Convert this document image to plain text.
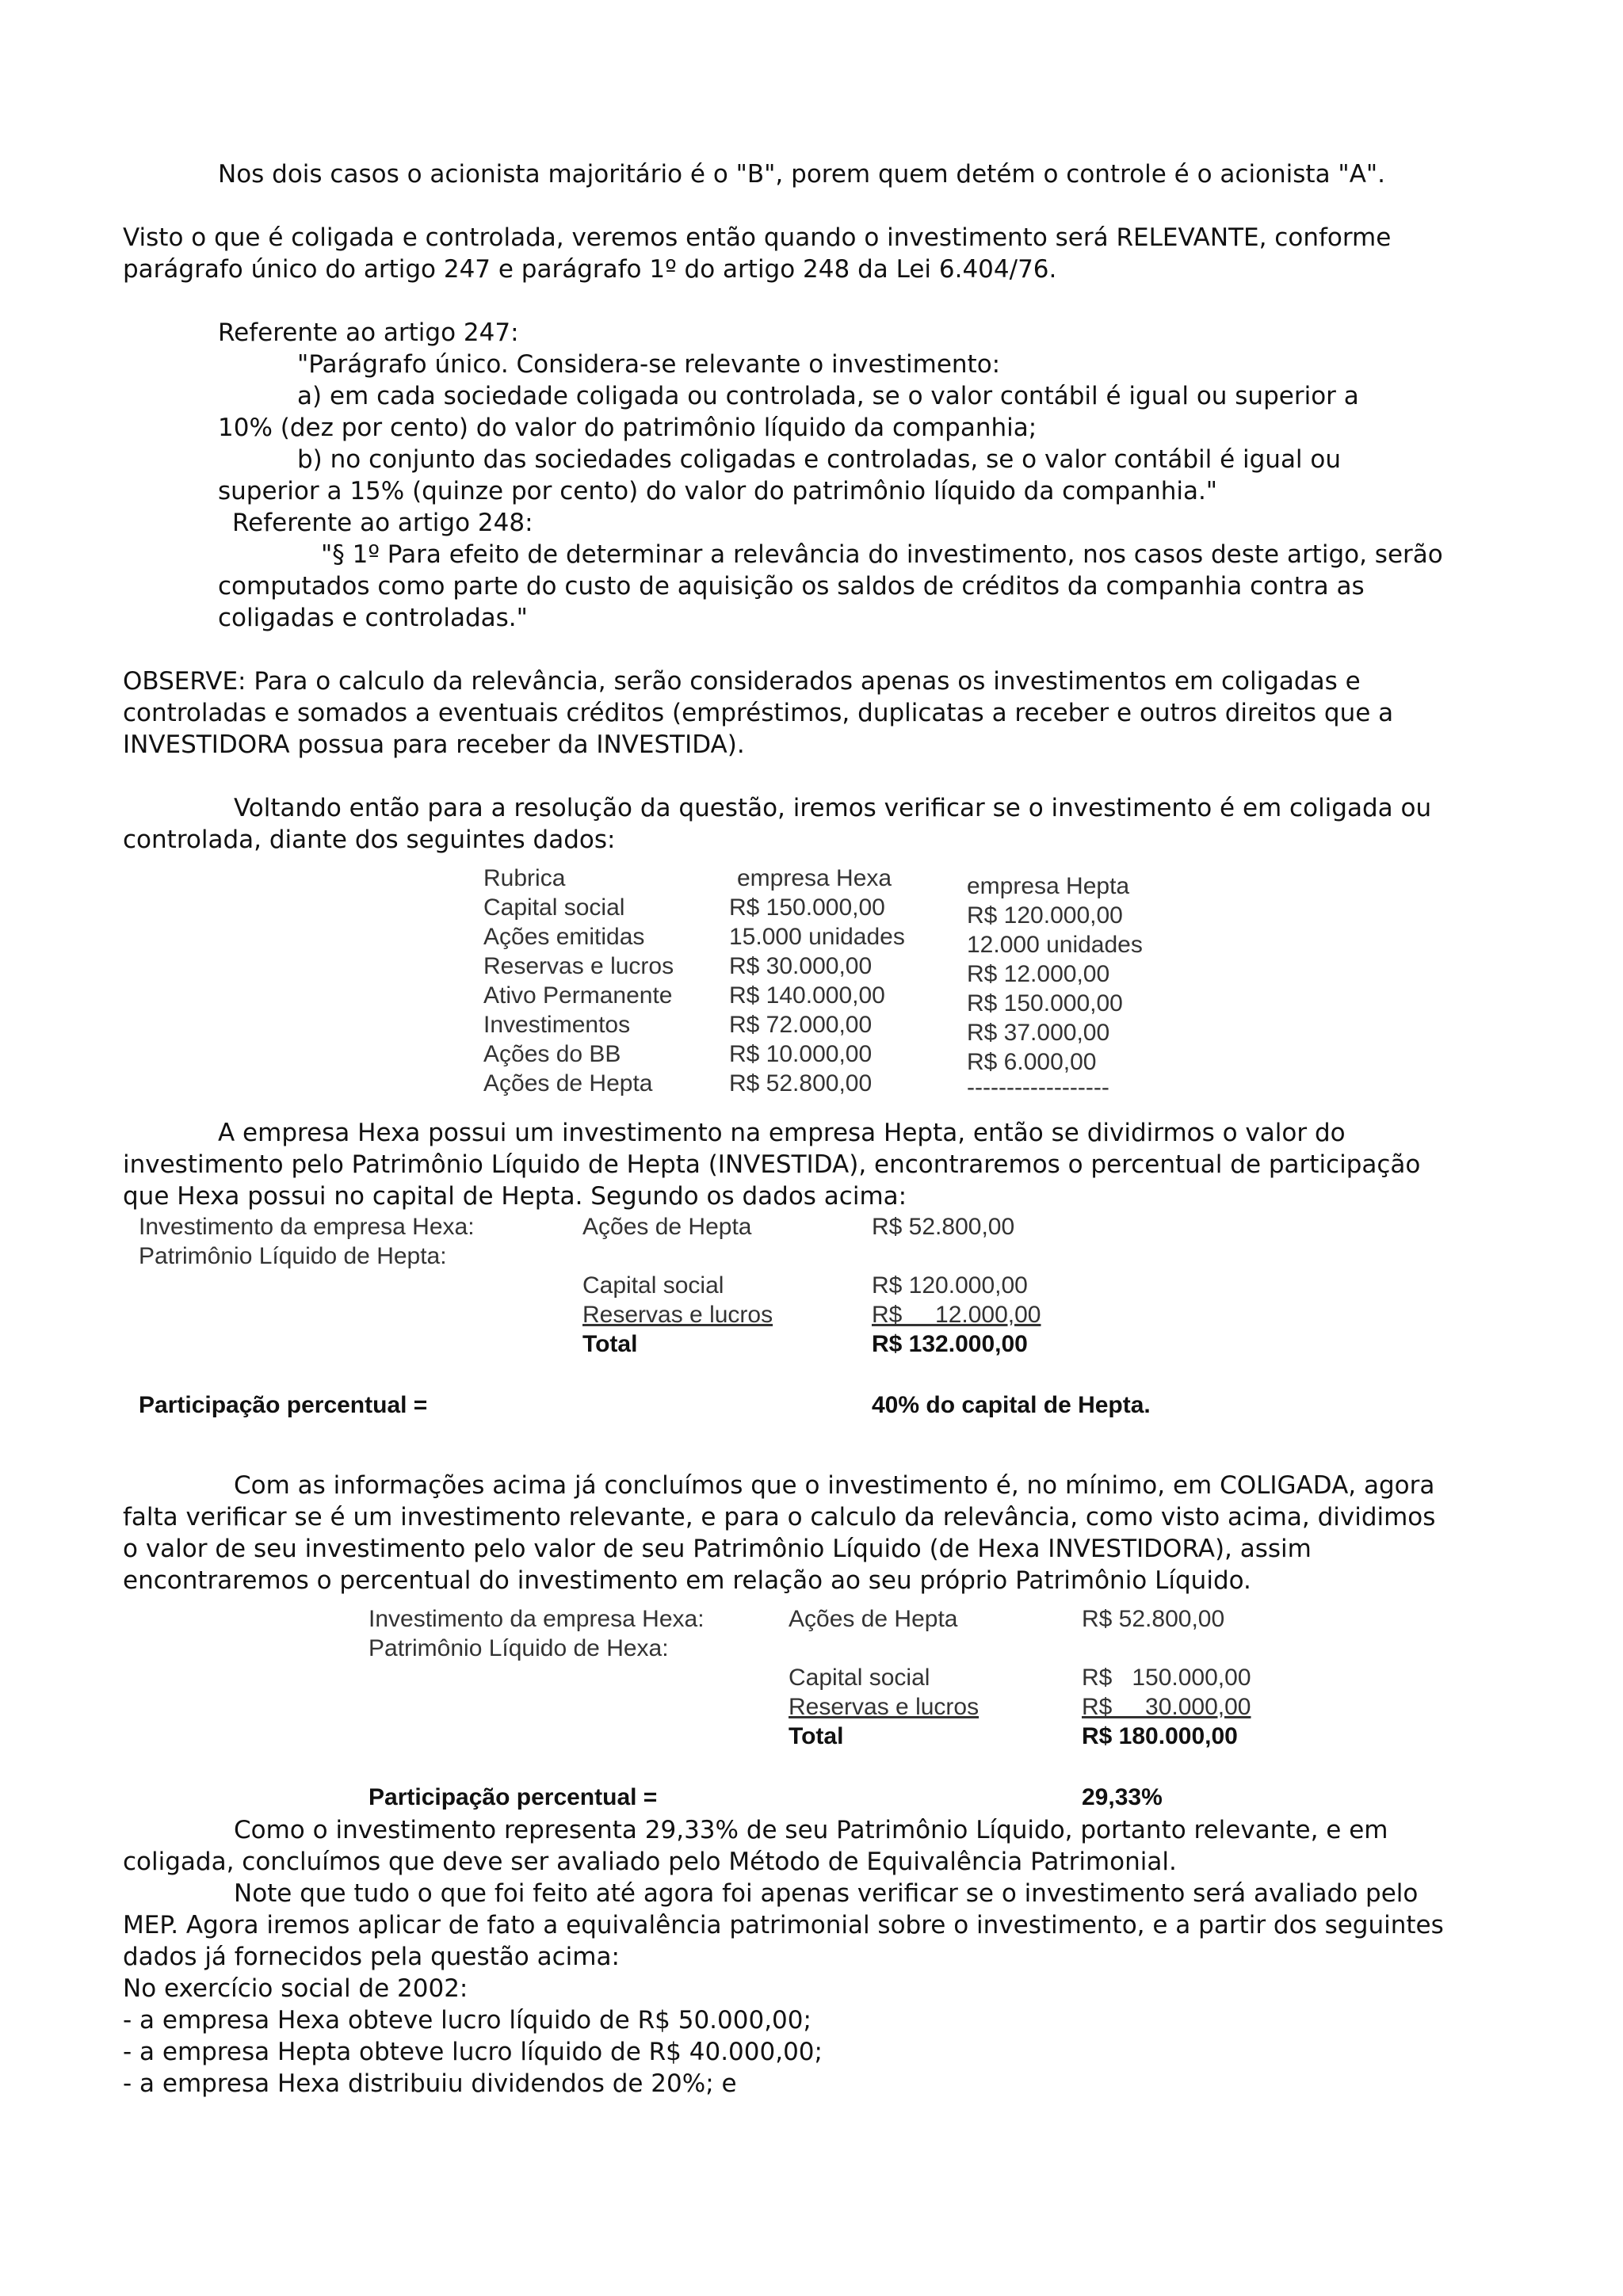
Nos dois casos o acionista majoritário é o "B", porem quem detém o controle é o acionista "A".

Visto o que é coligada e controlada, veremos então quando o investimento será RELEVANTE, conforme

parágrafo único do artigo 247 e parágrafo 1º do artigo 248 da Lei 6.404/76.

Referente ao artigo 247:

"Parágrafo único. Considera-se relevante o investimento:

a) em cada sociedade coligada ou controlada, se o valor contábil é igual ou superior a

10% (dez por cento) do valor do patrimônio líquido da companhia;

b) no conjunto das sociedades coligadas e controladas, se o valor contábil é igual ou

superior a 15% (quinze por cento) do valor do patrimônio líquido da companhia."

Referente ao artigo 248:

"§ 1º Para efeito de determinar a relevância do investimento, nos casos deste artigo, serão

computados como parte do custo de aquisição os saldos de créditos da companhia contra as

coligadas e controladas."

OBSERVE: Para o calculo da relevância, serão considerados apenas os investimentos em coligadas e

controladas e somados a eventuais créditos (empréstimos, duplicatas a receber e outros direitos que a

INVESTIDORA possua para receber da INVESTIDA).

Voltando então para a resolução da questão, iremos verificar se o investimento é em coligada ou

controlada, diante dos seguintes dados:

Rubrica	empresa Hexa	empresa Hepta
Capital social	R$ 150.000,00	R$ 120.000,00
Ações emitidas	15.000 unidades	12.000 unidades
Reservas e lucros R$ 30.000,00	R$ 12.000,00
Ativo Permanente R$ 140.000,00	R$ 150.000,00
Investimentos	R$ 72.000,00	R$ 37.000,00
Ações do BB	R$ 10.000,00	R$ 6.000,00
Ações de Hepta	R$ 52.800,00	------------------

A empresa Hexa possui um investimento na empresa Hepta, então se dividirmos o valor do

investimento pelo Patrimônio Líquido de Hepta (INVESTIDA), encontraremos o percentual de participação

que Hexa possui no capital de Hepta. Segundo os dados acima:

Investimento da empresa Hexa:	Ações de Hepta	R$ 52.800,00
Patrimônio Líquido de Hepta:
Capital social	R$ 120.000,00
Reservas e lucros	R$     12.000,00
Total	R$ 132.000,00
Participação percentual =	40% do capital de Hepta.

Com as informações acima já concluímos que o investimento é, no mínimo, em COLIGADA, agora

falta verificar se é um investimento relevante, e para o calculo da relevância, como visto acima, dividimos

o valor de seu investimento pelo valor de seu Patrimônio Líquido (de Hexa INVESTIDORA), assim

encontraremos o percentual do investimento em relação ao seu próprio Patrimônio Líquido.

Investimento da empresa Hexa:	Ações de Hepta	R$ 52.800,00
Patrimônio Líquido de Hexa:
Capital social	R$   150.000,00
Reservas e lucros	R$     30.000,00
Total	R$ 180.000,00
Participação percentual =	29,33%

Como o investimento representa 29,33% de seu Patrimônio Líquido, portanto relevante, e em

coligada, concluímos que deve ser avaliado pelo Método de Equivalência Patrimonial.

Note que tudo o que foi feito até agora foi apenas verificar se o investimento será avaliado pelo

MEP. Agora iremos aplicar de fato a equivalência patrimonial sobre o investimento, e a partir dos seguintes

dados já fornecidos pela questão acima:

No exercício social de 2002:

- a empresa Hexa obteve lucro líquido de R$ 50.000,00;

- a empresa Hepta obteve lucro líquido de R$ 40.000,00;

- a empresa Hexa distribuiu dividendos de 20%; e
